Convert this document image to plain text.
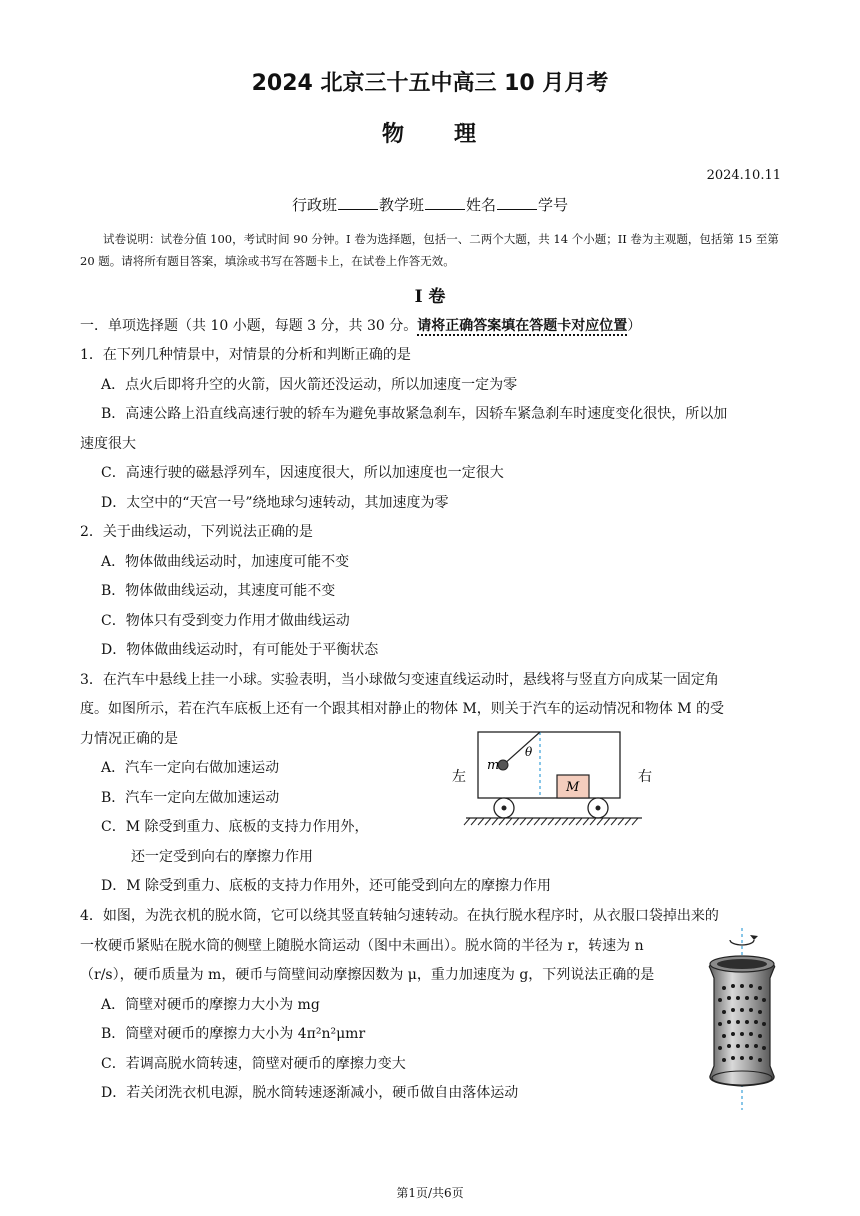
2024 北京三十五中高三 10 月月考
物　　理
2024.10.11
行政班	教学班	姓名	学号
试卷说明：试卷分值 100，考试时间 90 分钟。I 卷为选择题，包括一、二两个大题，共 14 个小题；II 卷为主观题，包括第 15 至第 20 题。请将所有题目答案，填涂或书写在答题卡上，在试卷上作答无效。
I 卷
一．单项选择题（共 10 小题，每题 3 分，共 30 分。请将正确答案填在答题卡对应位置）
1．在下列几种情景中，对情景的分析和判断正确的是
A．点火后即将升空的火箭，因火箭还没运动，所以加速度一定为零
B．高速公路上沿直线高速行驶的轿车为避免事故紧急刹车，因轿车紧急刹车时速度变化很快，所以加
速度很大
C．高速行驶的磁悬浮列车，因速度很大，所以加速度也一定很大
D．太空中的“天宫一号”绕地球匀速转动，其加速度为零
2．关于曲线运动，下列说法正确的是
A．物体做曲线运动时，加速度可能不变
B．物体做曲线运动，其速度可能不变
C．物体只有受到变力作用才做曲线运动
D．物体做曲线运动时，有可能处于平衡状态
3．在汽车中悬线上挂一小球。实验表明，当小球做匀变速直线运动时，悬线将与竖直方向成某一固定角
度。如图所示，若在汽车底板上还有一个跟其相对静止的物体 M，则关于汽车的运动情况和物体 M 的受
力情况正确的是
A．汽车一定向右做加速运动
B．汽车一定向左做加速运动
C．M 除受到重力、底板的支持力作用外，
还一定受到向右的摩擦力作用
D．M 除受到重力、底板的支持力作用外，还可能受到向左的摩擦力作用
m
θ
M
左	右
4．如图，为洗衣机的脱水筒，它可以绕其竖直转轴匀速转动。在执行脱水程序时，从衣服口袋掉出来的
一枚硬币紧贴在脱水筒的侧壁上随脱水筒运动（图中未画出）。脱水筒的半径为 r，转速为 n
（r/s），硬币质量为 m，硬币与筒壁间动摩擦因数为 μ，重力加速度为 g，下列说法正确的是
A．筒壁对硬币的摩擦力大小为 mg
B．筒壁对硬币的摩擦力大小为 4π²n²μmr
C．若调高脱水筒转速，筒壁对硬币的摩擦力变大
D．若关闭洗衣机电源，脱水筒转速逐渐减小，硬币做自由落体运动
第1页/共6页
